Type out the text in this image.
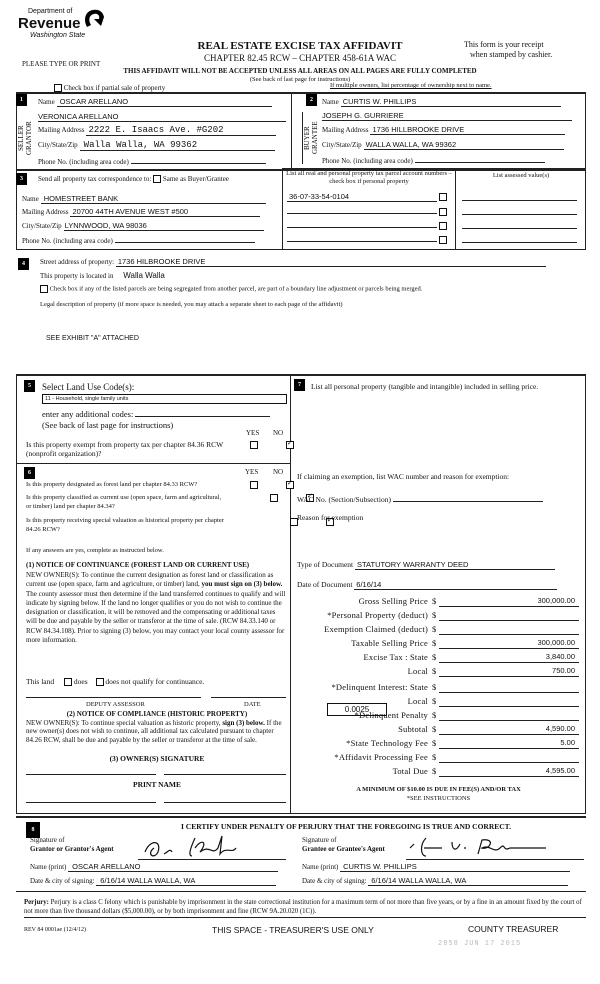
Department of
Revenue
Washington State
REAL ESTATE EXCISE TAX AFFIDAVIT
CHAPTER 82.45 RCW – CHAPTER 458-61A WAC
This form is your receipt
when stamped by cashier.
PLEASE TYPE OR PRINT
THIS AFFIDAVIT WILL NOT BE ACCEPTED UNLESS ALL AREAS ON ALL PAGES ARE FULLY COMPLETED
(See back of last page for instructions)
Check box if partial sale of property	If multiple owners, list percentage of ownership next to name.
1
SELLER
GRANTOR
Name OSCAR ARELLANO
VERONICA ARELLANO
Mailing Address 2222 E. Isaacs Ave. #G202
City/State/Zip Walla Walla, WA 99362
Phone No. (including area code)
2
BUYER
GRANTEE
Name CURTIS W. PHILLIPS
JOSEPH G. GURRIERE
Mailing Address 1736 HILLBROOKE DRIVE
City/State/Zip WALLA WALLA, WA 99362
Phone No. (including area code)
3	Send all property tax correspondence to: Same as Buyer/Grantee
Name HOMESTREET BANK
Mailing Address 20700 44TH AVENUE WEST #500
City/State/Zip LYNNWOOD, WA 98036
Phone No. (including area code)
List all real and personal property tax parcel account numbers – check box if personal property
36-07-33-54-0104

List assessed value(s)
4	Street address of property: 1736 HILBROOKE DRIVE
This property is located in Walla Walla
Check box if any of the listed parcels are being segregated from another parcel, are part of a boundary line adjustment or parcels being merged.
Legal description of property (if more space is needed, you may attach a separate sheet to each page of the affidavit)
SEE EXHIBIT "A" ATTACHED
5	Select Land Use Code(s):
11 - Household, single family units
enter any additional codes:
(See back of last page for instructions)
YES NO
Is this property exempt from property tax per chapter 84.36 RCW (nonprofit organization)?
✓
6	YES NO
Is this property designated as forest land per chapter 84.33 RCW?
✓
Is this property classified as current use (open space, farm and agricultural, or timber) land per chapter 84.34?
✓
Is this property receiving special valuation as historical property per chapter 84.26 RCW?
✓
If any answers are yes, complete as instructed below.
(1) NOTICE OF CONTINUANCE (FOREST LAND OR CURRENT USE)
NEW OWNER(S): To continue the current designation as forest land or classification as current use (open space, farm and agriculture, or timber) land, you must sign on (3) below. The county assessor must then determine if the land transferred continues to qualify and will indicate by signing below. If the land no longer qualifies or you do not wish to continue the designation or classification, it will be removed and the compensating or additional taxes will be due and payable by the seller or transferor at the time of sale. (RCW 84.33.140 or RCW 84.34.108). Prior to signing (3) below, you may contact your local county assessor for more information.
This land	does does not qualify for continuance.
DEPUTY ASSESSOR	DATE
(2) NOTICE OF COMPLIANCE (HISTORIC PROPERTY)
NEW OWNER(S): To continue special valuation as historic property, sign (3) below. If the new owner(s) does not wish to continue, all additional tax calculated pursuant to chapter 84.26 RCW, shall be due and payable by the seller or transferor at the time of sale.
(3) OWNER(S) SIGNATURE
PRINT NAME
7	List all personal property (tangible and intangible) included in selling price.
If claiming an exemption, list WAC number and reason for exemption:
WAC No. (Section/Subsection)
Reason for exemption
Type of Document STATUTORY WARRANTY DEED
Date of Document 6/16/14
0.0025
A MINIMUM OF $10.00 IS DUE IN FEE(S) AND/OR TAX
*SEE INSTRUCTIONS
Gross Selling Price $	300,000.00
*Personal Property (deduct) $
Exemption Claimed (deduct) $
Taxable Selling Price $	300,000.00
Excise Tax : State $	3,840.00
Local $	750.00
*Delinquent Interest: State $
Local $
*Delinquent Penalty $
Subtotal $	4,590.00
*State Technology Fee $	5.00
*Affidavit Processing Fee $
Total Due $	4,595.00
8	I CERTIFY UNDER PENALTY OF PERJURY THAT THE FOREGOING IS TRUE AND CORRECT.
Signature of
Grantor or Grantor's Agent
Name (print) OSCAR ARELLANO
Date & city of signing: 6/16/14 WALLA WALLA, WA
Signature of
Grantee or Grantee's Agent
Name (print) CURTIS W. PHILLIPS
Date & city of signing: 6/16/14 WALLA WALLA, WA
Perjury: Perjury is a class C felony which is punishable by imprisonment in the state correctional institution for a maximum term of not more than five years, or by a fine in an amount fixed by the court of not more than five thousand dollars ($5,000.00), or by both imprisonment and fine (RCW 9A.20.020 (1C)).
REV 84 0001ae (12/4/12)	THIS SPACE - TREASURER'S USE ONLY	COUNTY TREASURER
2858 JUN 17 2015
